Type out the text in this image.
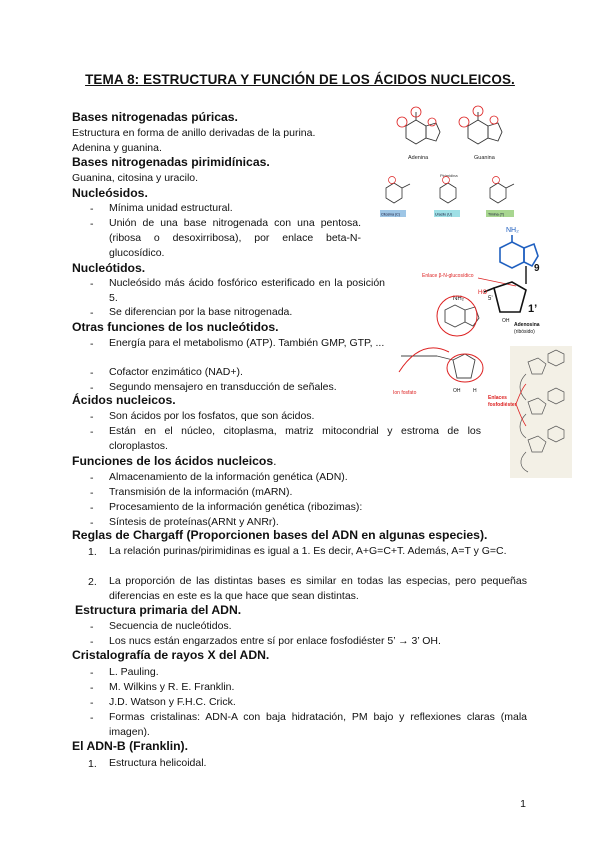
TEMA 8: ESTRUCTURA Y FUNCIÓN DE LOS ÁCIDOS NUCLEICOS.
Bases nitrogenadas púricas.
Estructura en forma de anillo derivadas de la purina.
Adenina y guanina.
Bases nitrogenadas pirimidínicas.
Guanina, citosina y uracilo.
Nucleósidos.
- Mínima unidad estructural.
- Unión de una base nitrogenada con una pentosa. (ribosa o desoxirribosa), por enlace beta-N-glucosídico.
Nucleótidos.
- Nucleósido más ácido fosfórico esterificado en la posición 5.
- Se diferencian por la base nitrogenada.
Otras funciones de los nucleótidos.
- Energía para el metabolismo (ATP). También GMP, GTP, ...
- Cofactor enzimático (NAD+).
- Segundo mensajero en transducción de señales.
Ácidos nucleicos.
- Son ácidos por los fosfatos, que son ácidos.
- Están en el núcleo, citoplasma, matriz mitocondrial y estroma de los cloroplastos.
Funciones de los ácidos nucleicos.
- Almacenamiento de la información genética (ADN).
- Transmisión de la información (mARN).
- Procesamiento de la información genética (ribozimas):
- Síntesis de proteínas(ARNt y ANRr).
Reglas de Chargaff (Proporcionen bases del ADN en algunas especies).
1. La relación purinas/pirimidinas es igual a 1. Es decir, A+G=C+T. Además, A=T y G=C.
2. La proporción de las distintas bases es similar en todas las especias, pero pequeñas diferencias en este es la que hace que sean distintas.
Estructura primaria del ADN.
- Secuencia de nucleótidos.
- Los nucs están engarzados entre sí por enlace fosfodiéster 5’ → 3’ OH.
Cristalografía de rayos X del ADN.
- L. Pauling.
- M. Wilkins y R. E. Franklin.
- J.D. Watson y F.H.C. Crick.
- Formas cristalinas: ADN-A con baja hidratación, PM bajo y reflexiones claras (mala imagen).
El ADN-B (Franklin).
1. Estructura helicoidal.
1
Adenina	Guanina
Pirimidina
Citosina (C)	Uracilo (U)	Timina (T)
NH₂
Enlace β-N-glucosídico
9
1’
5’
HO
OH
Adenosina
(ribósido)
NH₂
Ion fosfato	OH	H
Enlaces
fosfodiéster
